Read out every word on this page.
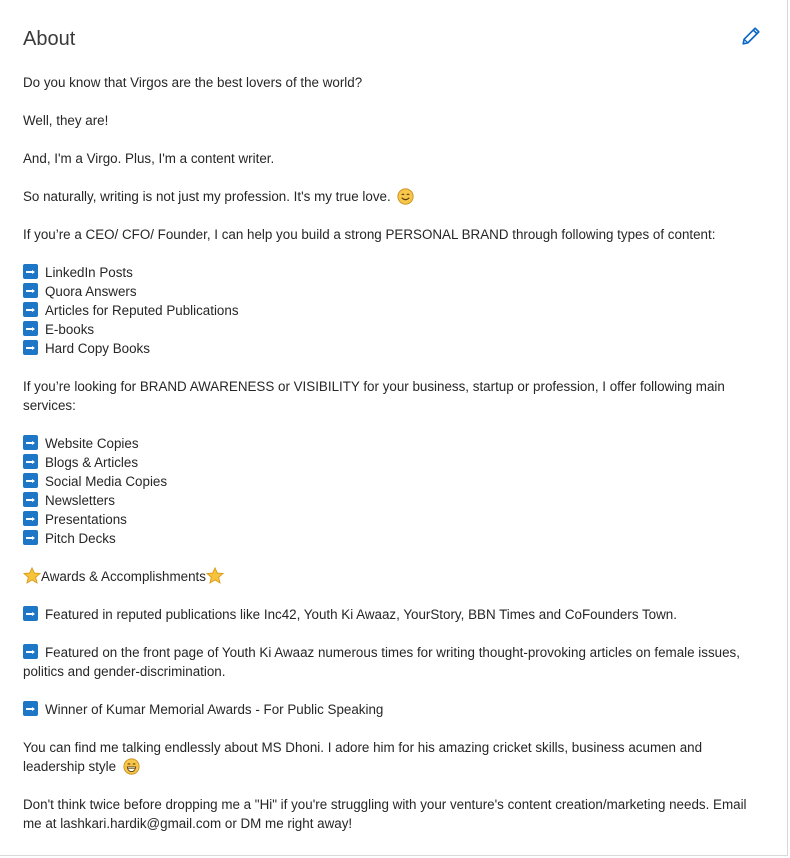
About
Do you know that Virgos are the best lovers of the world?
Well, they are!
And, I'm a Virgo. Plus, I'm a content writer.
So naturally, writing is not just my profession. It's my true love.
If you’re a CEO/ CFO/ Founder, I can help you build a strong PERSONAL BRAND through following types of content:
LinkedIn Posts
Quora Answers
Articles for Reputed Publications
E-books
Hard Copy Books
If you’re looking for BRAND AWARENESS or VISIBILITY for your business, startup or profession, I offer following main services:
Website Copies
Blogs & Articles
Social Media Copies
Newsletters
Presentations
Pitch Decks
Awards & Accomplishments
Featured in reputed publications like Inc42, Youth Ki Awaaz, YourStory, BBN Times and CoFounders Town.
Featured on the front page of Youth Ki Awaaz numerous times for writing thought-provoking articles on female issues, politics and gender-discrimination.
Winner of Kumar Memorial Awards - For Public Speaking
You can find me talking endlessly about MS Dhoni. I adore him for his amazing cricket skills, business acumen and leadership style
Don't think twice before dropping me a "Hi" if you're struggling with your venture's content creation/marketing needs. Email me at lashkari.hardik@gmail.com or DM me right away!
